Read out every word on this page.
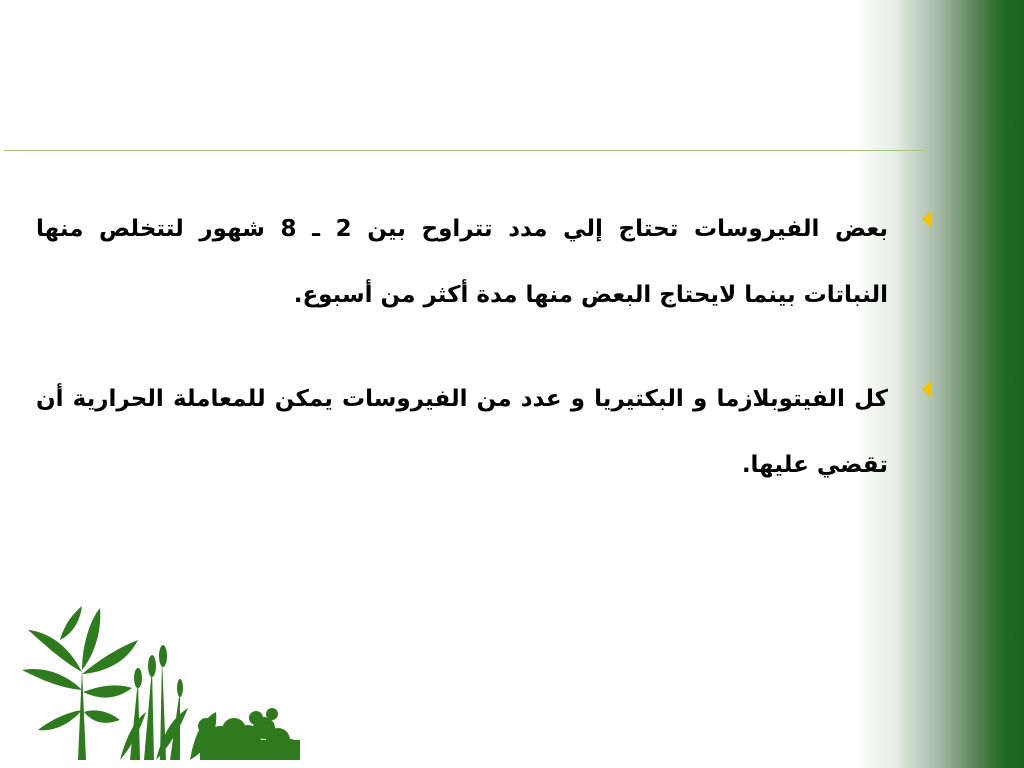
بعض الفيروسات تحتاج إلي مدد تتراوح بين 2 ـ 8 شهور لتتخلص منها النباتات بينما لايحتاج البعض منها مدة أكثر من أسبوع.

كل الفيتوبلازما و البكتيريا و عدد من الفيروسات يمكن للمعاملة الحرارية أن تقضي عليها.
